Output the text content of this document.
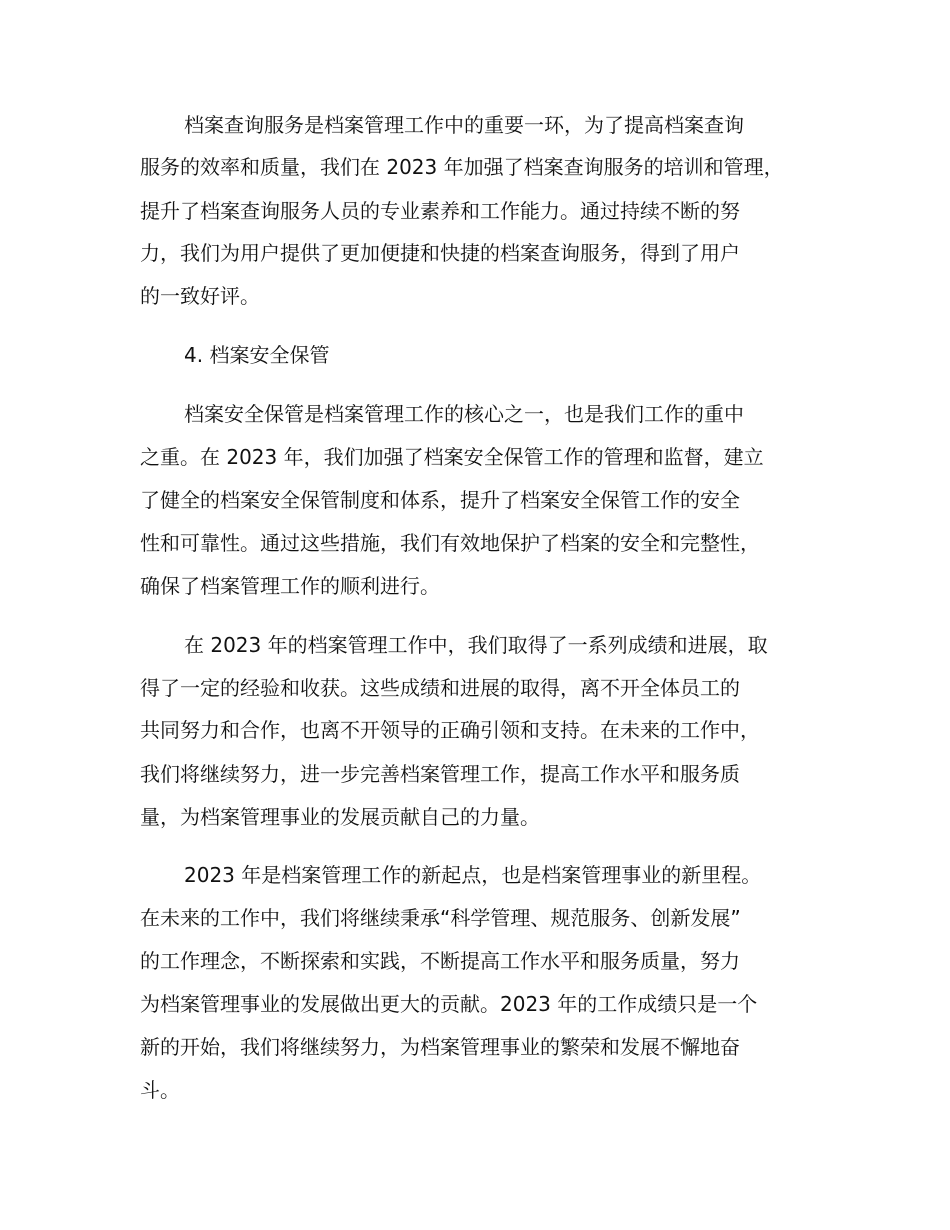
档案查询服务是档案管理工作中的重要一环，为了提高档案查询
服务的效率和质量，我们在 2023 年加强了档案查询服务的培训和管理，
提升了档案查询服务人员的专业素养和工作能力。通过持续不断的努
力，我们为用户提供了更加便捷和快捷的档案查询服务，得到了用户
的一致好评。
4. 档案安全保管
档案安全保管是档案管理工作的核心之一，也是我们工作的重中
之重。在 2023 年，我们加强了档案安全保管工作的管理和监督，建立
了健全的档案安全保管制度和体系，提升了档案安全保管工作的安全
性和可靠性。通过这些措施，我们有效地保护了档案的安全和完整性，
确保了档案管理工作的顺利进行。
在 2023 年的档案管理工作中，我们取得了一系列成绩和进展，取
得了一定的经验和收获。这些成绩和进展的取得，离不开全体员工的
共同努力和合作，也离不开领导的正确引领和支持。在未来的工作中，
我们将继续努力，进一步完善档案管理工作，提高工作水平和服务质
量，为档案管理事业的发展贡献自己的力量。
2023 年是档案管理工作的新起点，也是档案管理事业的新里程。
在未来的工作中，我们将继续秉承“科学管理、规范服务、创新发展”
的工作理念，不断探索和实践，不断提高工作水平和服务质量，努力
为档案管理事业的发展做出更大的贡献。2023 年的工作成绩只是一个
新的开始，我们将继续努力，为档案管理事业的繁荣和发展不懈地奋
斗。
